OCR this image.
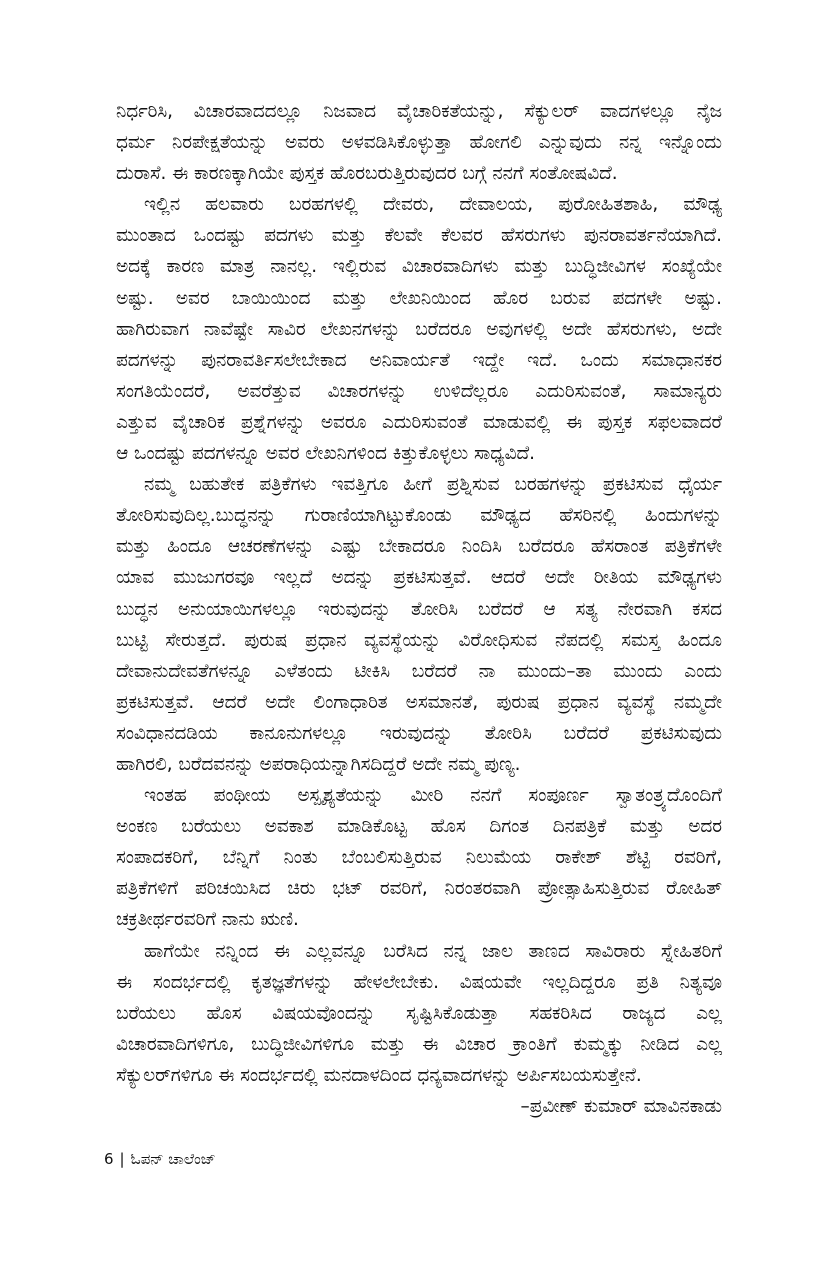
ನಿರ್ಧರಿಸಿ, ವಿಚಾರವಾದದಲ್ಲೂ ನಿಜವಾದ ವೈಚಾರಿಕತೆಯನ್ನು, ಸೆಕ್ಯುಲರ್ ವಾದಗಳಲ್ಲೂ ನೈಜ
ಧರ್ಮ ನಿರಪೇಕ್ಷತೆಯನ್ನು ಅವರು ಅಳವಡಿಸಿಕೊಳ್ಳುತ್ತಾ ಹೋಗಲಿ ಎನ್ನುವುದು ನನ್ನ ಇನ್ನೊಂದು
ದುರಾಸೆ. ಈ ಕಾರಣಕ್ಕಾಗಿಯೇ ಪುಸ್ತಕ ಹೊರಬರುತ್ತಿರುವುದರ ಬಗ್ಗೆ ನನಗೆ ಸಂತೋಷವಿದೆ.
ಇಲ್ಲಿನ ಹಲವಾರು ಬರಹಗಳಲ್ಲಿ ದೇವರು, ದೇವಾಲಯ, ಪುರೋಹಿತಶಾಹಿ, ಮೌಢ್ಯ
ಮುಂತಾದ ಒಂದಷ್ಟು ಪದಗಳು ಮತ್ತು ಕೆಲವೇ ಕೆಲವರ ಹೆಸರುಗಳು ಪುನರಾವರ್ತನೆಯಾಗಿದೆ.
ಅದಕ್ಕೆ ಕಾರಣ ಮಾತ್ರ ನಾನಲ್ಲ. ಇಲ್ಲಿರುವ ವಿಚಾರವಾದಿಗಳು ಮತ್ತು ಬುದ್ಧಿಜೀವಿಗಳ ಸಂಖ್ಯೆಯೇ
ಅಷ್ಟು. ಅವರ ಬಾಯಿಯಿಂದ ಮತ್ತು ಲೇಖನಿಯಿಂದ ಹೊರ ಬರುವ ಪದಗಳೇ ಅಷ್ಟು.
ಹಾಗಿರುವಾಗ ನಾವೆಷ್ಟೇ ಸಾವಿರ ಲೇಖನಗಳನ್ನು ಬರೆದರೂ ಅವುಗಳಲ್ಲಿ ಅದೇ ಹೆಸರುಗಳು, ಅದೇ
ಪದಗಳನ್ನು ಪುನರಾವರ್ತಿಸಲೇಬೇಕಾದ ಅನಿವಾರ್ಯತೆ ಇದ್ದೇ ಇದೆ. ಒಂದು ಸಮಾಧಾನಕರ
ಸಂಗತಿಯೆಂದರೆ, ಅವರೆತ್ತುವ ವಿಚಾರಗಳನ್ನು ಉಳಿದೆಲ್ಲರೂ ಎದುರಿಸುವಂತೆ, ಸಾಮಾನ್ಯರು
ಎತ್ತುವ ವೈಚಾರಿಕ ಪ್ರಶ್ನೆಗಳನ್ನು ಅವರೂ ಎದುರಿಸುವಂತೆ ಮಾಡುವಲ್ಲಿ ಈ ಪುಸ್ತಕ ಸಫಲವಾದರೆ
ಆ ಒಂದಷ್ಟು ಪದಗಳನ್ನೂ ಅವರ ಲೇಖನಿಗಳಿಂದ ಕಿತ್ತುಕೊಳ್ಳಲು ಸಾಧ್ಯವಿದೆ.
ನಮ್ಮ ಬಹುತೇಕ ಪತ್ರಿಕೆಗಳು ಇವತ್ತಿಗೂ ಹೀಗೆ ಪ್ರಶ್ನಿಸುವ ಬರಹಗಳನ್ನು ಪ್ರಕಟಿಸುವ ಧೈರ್ಯ
ತೋರಿಸುವುದಿಲ್ಲ.ಬುದ್ಧನನ್ನು ಗುರಾಣಿಯಾಗಿಟ್ಟುಕೊಂಡು ಮೌಢ್ಯದ ಹೆಸರಿನಲ್ಲಿ ಹಿಂದುಗಳನ್ನು
ಮತ್ತು ಹಿಂದೂ ಆಚರಣೆಗಳನ್ನು ಎಷ್ಟು ಬೇಕಾದರೂ ನಿಂದಿಸಿ ಬರೆದರೂ ಹೆಸರಾಂತ ಪತ್ರಿಕೆಗಳೇ
ಯಾವ ಮುಜುಗರವೂ ಇಲ್ಲದೆ ಅದನ್ನು ಪ್ರಕಟಿಸುತ್ತವೆ. ಆದರೆ ಅದೇ ರೀತಿಯ ಮೌಢ್ಯಗಳು
ಬುದ್ಧನ ಅನುಯಾಯಿಗಳಲ್ಲೂ ಇರುವುದನ್ನು ತೋರಿಸಿ ಬರೆದರೆ ಆ ಸತ್ಯ ನೇರವಾಗಿ ಕಸದ
ಬುಟ್ಟಿ ಸೇರುತ್ತದೆ. ಪುರುಷ ಪ್ರಧಾನ ವ್ಯವಸ್ಥೆಯನ್ನು ವಿರೋಧಿಸುವ ನೆಪದಲ್ಲಿ ಸಮಸ್ತ ಹಿಂದೂ
ದೇವಾನುದೇವತೆಗಳನ್ನೂ ಎಳೆತಂದು ಟೀಕಿಸಿ ಬರೆದರೆ ನಾ ಮುಂದು–ತಾ ಮುಂದು ಎಂದು
ಪ್ರಕಟಿಸುತ್ತವೆ. ಆದರೆ ಅದೇ ಲಿಂಗಾಧಾರಿತ ಅಸಮಾನತೆ, ಪುರುಷ ಪ್ರಧಾನ ವ್ಯವಸ್ಥೆ ನಮ್ಮದೇ
ಸಂವಿಧಾನದಡಿಯ ಕಾನೂನುಗಳಲ್ಲೂ ಇರುವುದನ್ನು ತೋರಿಸಿ ಬರೆದರೆ ಪ್ರಕಟಿಸುವುದು
ಹಾಗಿರಲಿ, ಬರೆದವನನ್ನು ಅಪರಾಧಿಯನ್ನಾಗಿಸದಿದ್ದರೆ ಅದೇ ನಮ್ಮ ಪುಣ್ಯ.
ಇಂತಹ ಪಂಥೀಯ ಅಸ್ಪೃಶ್ಯತೆಯನ್ನು ಮೀರಿ ನನಗೆ ಸಂಪೂರ್ಣ ಸ್ವಾತಂತ್ರ್ಯದೊಂದಿಗೆ
ಅಂಕಣ ಬರೆಯಲು ಅವಕಾಶ ಮಾಡಿಕೊಟ್ಟ ಹೊಸ ದಿಗಂತ ದಿನಪತ್ರಿಕೆ ಮತ್ತು ಅದರ
ಸಂಪಾದಕರಿಗೆ, ಬೆನ್ನಿಗೆ ನಿಂತು ಬೆಂಬಲಿಸುತ್ತಿರುವ ನಿಲುಮೆಯ ರಾಕೇಶ್ ಶೆಟ್ಟಿ ರವರಿಗೆ,
ಪತ್ರಿಕೆಗಳಿಗೆ ಪರಿಚಯಿಸಿದ ಚಿರು ಭಟ್ ರವರಿಗೆ, ನಿರಂತರವಾಗಿ ಪ್ರೋತ್ಸಾಹಿಸುತ್ತಿರುವ ರೋಹಿತ್
ಚಕ್ರತೀರ್ಥರವರಿಗೆ ನಾನು ಋಣಿ.
ಹಾಗೆಯೇ ನನ್ನಿಂದ ಈ ಎಲ್ಲವನ್ನೂ ಬರೆಸಿದ ನನ್ನ ಜಾಲ ತಾಣದ ಸಾವಿರಾರು ಸ್ನೇಹಿತರಿಗೆ
ಈ ಸಂದರ್ಭದಲ್ಲಿ ಕೃತಜ್ಞತೆಗಳನ್ನು ಹೇಳಲೇಬೇಕು. ವಿಷಯವೇ ಇಲ್ಲದಿದ್ದರೂ ಪ್ರತಿ ನಿತ್ಯವೂ
ಬರೆಯಲು ಹೊಸ ವಿಷಯವೊಂದನ್ನು ಸೃಷ್ಟಿಸಿಕೊಡುತ್ತಾ ಸಹಕರಿಸಿದ ರಾಜ್ಯದ ಎಲ್ಲ
ವಿಚಾರವಾದಿಗಳಿಗೂ, ಬುದ್ಧಿಜೀವಿಗಳಿಗೂ ಮತ್ತು ಈ ವಿಚಾರ ಕ್ರಾಂತಿಗೆ ಕುಮ್ಮಕ್ಕು ನೀಡಿದ ಎಲ್ಲ
ಸೆಕ್ಯುಲರ್‌ಗಳಿಗೂ ಈ ಸಂದರ್ಭದಲ್ಲಿ ಮನದಾಳದಿಂದ ಧನ್ಯವಾದಗಳನ್ನು ಅರ್ಪಿಸಬಯಸುತ್ತೇನೆ.
–ಪ್ರವೀಣ್ ಕುಮಾರ್ ಮಾವಿನಕಾಡು
6 | ಓಪನ್ ಚಾಲೆಂಜ್
